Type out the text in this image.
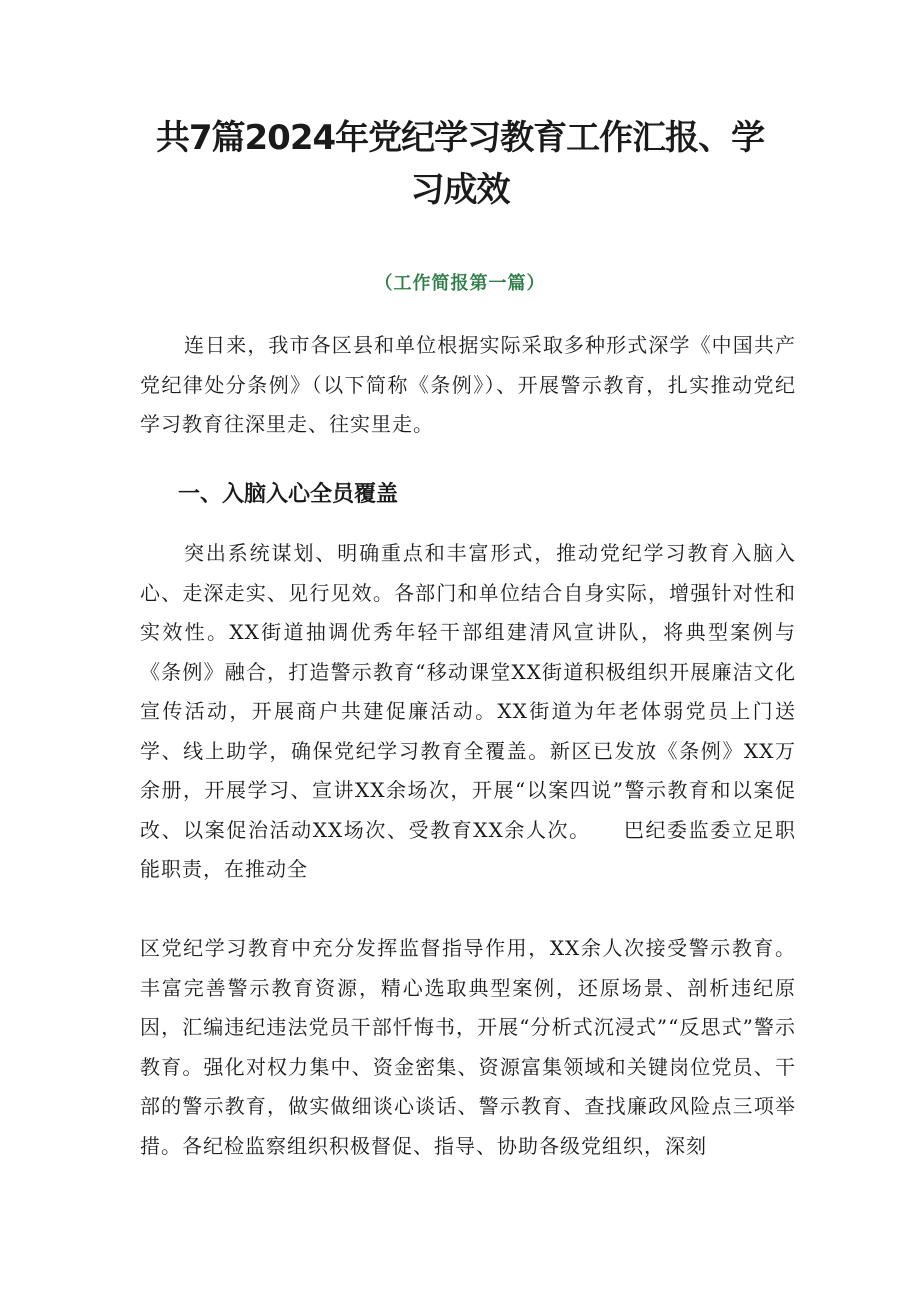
共7篇2024年党纪学习教育工作汇报、学习成效

（工作简报第一篇）

连日来，我市各区县和单位根据实际采取多种形式深学《中国共产党纪律处分条例》（以下简称《条例》）、开展警示教育，扎实推动党纪学习教育往深里走、往实里走。

一、入脑入心全员覆盖

突出系统谋划、明确重点和丰富形式，推动党纪学习教育入脑入心、走深走实、见行见效。各部门和单位结合自身实际，增强针对性和实效性。XX街道抽调优秀年轻干部组建清风宣讲队，将典型案例与《条例》融合，打造警示教育“移动课堂XX街道积极组织开展廉洁文化宣传活动，开展商户共建促廉活动。XX街道为年老体弱党员上门送学、线上助学，确保党纪学习教育全覆盖。新区已发放《条例》XX万余册，开展学习、宣讲XX余场次，开展“以案四说”警示教育和以案促改、以案促治活动XX场次、受教育XX余人次。　　巴纪委监委立足职能职责，在推动全

区党纪学习教育中充分发挥监督指导作用，XX余人次接受警示教育。丰富完善警示教育资源，精心选取典型案例，还原场景、剖析违纪原因，汇编违纪违法党员干部忏悔书，开展“分析式沉浸式”“反思式”警示教育。强化对权力集中、资金密集、资源富集领域和关键岗位党员、干部的警示教育，做实做细谈心谈话、警示教育、查找廉政风险点三项举措。各纪检监察组织积极督促、指导、协助各级党组织，深刻
